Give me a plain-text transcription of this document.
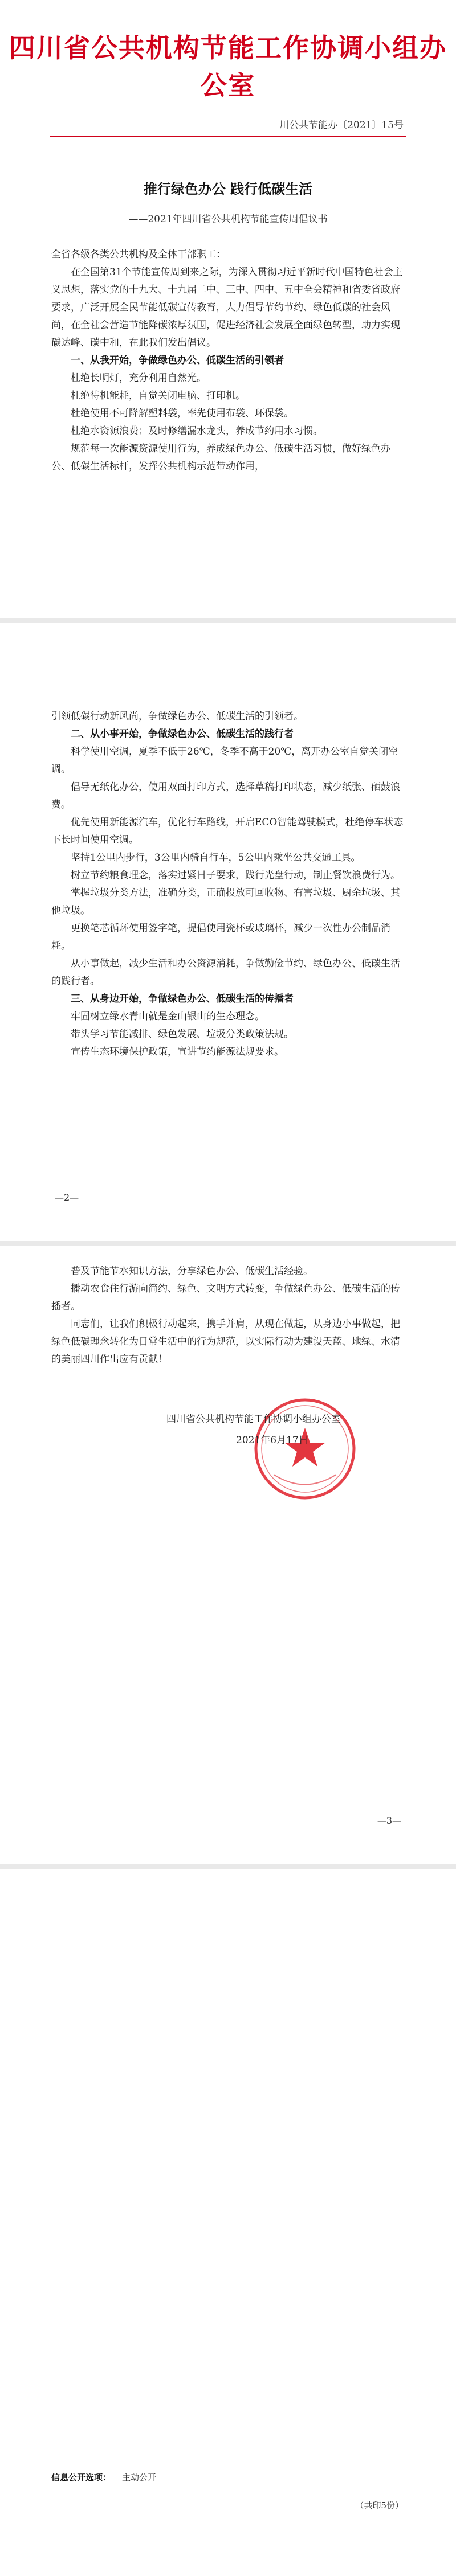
四川省公共机构节能工作协调小组办公室
川公共节能办〔2021〕15号
推行绿色办公 践行低碳生活
——2021年四川省公共机构节能宣传周倡议书

全省各级各类公共机构及全体干部职工：

在全国第31个节能宣传周到来之际，为深入贯彻习近平新时代中国特色社会主义思想，落实党的十九大、十九届二中、三中、四中、五中全会精神和省委省政府要求，广泛开展全民节能低碳宣传教育，大力倡导节约节约、绿色低碳的社会风尚，在全社会营造节能降碳浓厚氛围，促进经济社会发展全面绿色转型，助力实现碳达峰、碳中和，在此我们发出倡议。

一、从我开始，争做绿色办公、低碳生活的引领者

杜绝长明灯，充分利用自然光。

杜绝待机能耗，自觉关闭电脑、打印机。

杜绝使用不可降解塑料袋，率先使用布袋、环保袋。

杜绝水资源浪费；及时修缮漏水龙头，养成节约用水习惯。

规范每一次能源资源使用行为，养成绿色办公、低碳生活习惯，做好绿色办公、低碳生活标杆，发挥公共机构示范带动作用，

引领低碳行动新风尚，争做绿色办公、低碳生活的引领者。

二、从小事开始，争做绿色办公、低碳生活的践行者

科学使用空调，夏季不低于26℃，冬季不高于20℃，离开办公室自觉关闭空调。

倡导无纸化办公，使用双面打印方式，选择草稿打印状态，减少纸张、硒鼓浪费。

优先使用新能源汽车，优化行车路线，开启ECO智能驾驶模式，杜绝停车状态下长时间使用空调。

坚持1公里内步行，3公里内骑自行车，5公里内乘坐公共交通工具。

树立节约粮食理念，落实过紧日子要求，践行光盘行动，制止餐饮浪费行为。

掌握垃圾分类方法，准确分类，正确投放可回收物、有害垃圾、厨余垃圾、其他垃圾。

更换笔芯循环使用签字笔，提倡使用瓷杯或玻璃杯，减少一次性办公制品消耗。

从小事做起，减少生活和办公资源消耗，争做勤俭节约、绿色办公、低碳生活的践行者。

三、从身边开始，争做绿色办公、低碳生活的传播者

牢固树立绿水青山就是金山银山的生态理念。

带头学习节能减排、绿色发展、垃圾分类政策法规。

宣传生态环境保护政策，宣讲节约能源法规要求。

—2—

普及节能节水知识方法，分享绿色办公、低碳生活经验。

播动农食住行游向简约、绿色、文明方式转变，争做绿色办公、低碳生活的传播者。

同志们，让我们积极行动起来，携手并肩，从现在做起，从身边小事做起，把绿色低碳理念转化为日常生活中的行为规范，以实际行动为建设天蓝、地绿、水清的美丽四川作出应有贡献！

四川省公共机构节能工作协调小组办公室
2021年6月17日
—3—
信息公开选项： 主动公开
（共印5份）
